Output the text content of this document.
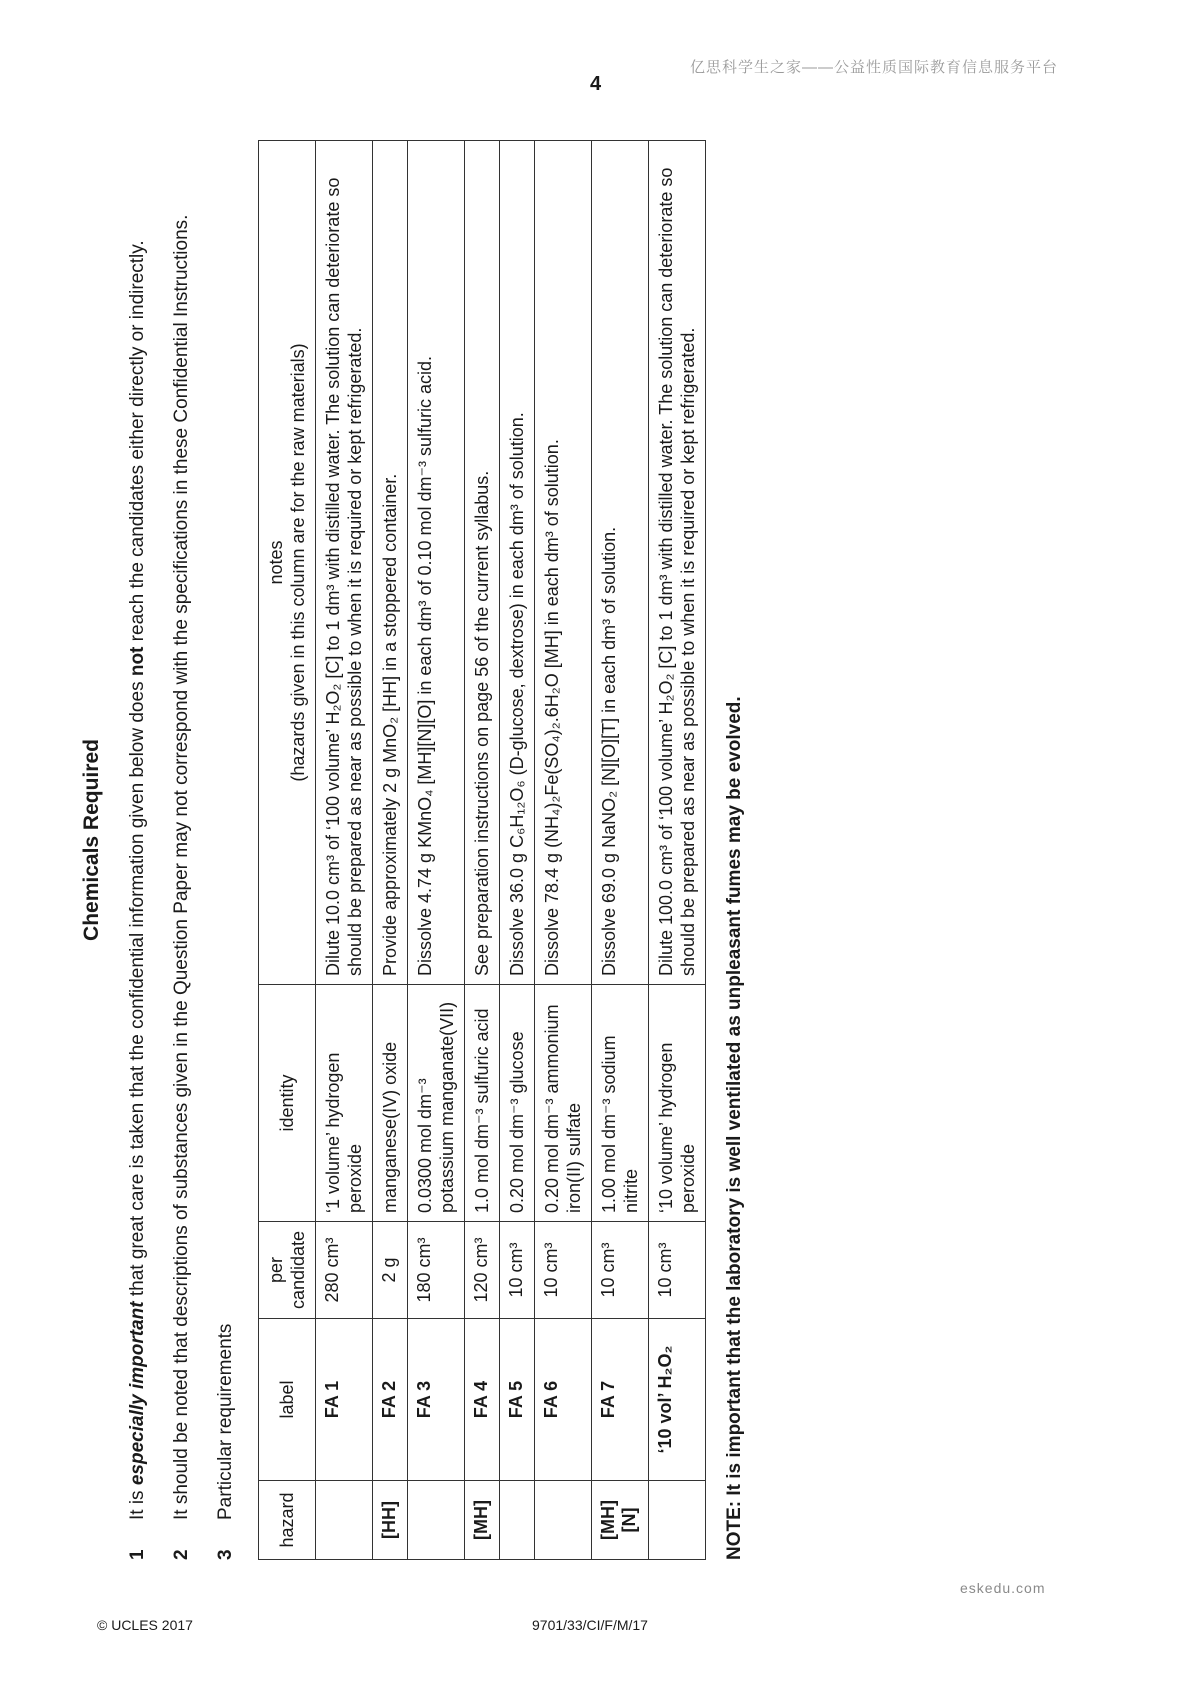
亿思科学生之家——公益性质国际教育信息服务平台
4
Chemicals Required
1
It is especially important that great care is taken that the confidential information given below does not reach the candidates either directly or indirectly.
2
It should be noted that descriptions of substances given in the Question Paper may not correspond with the specifications in these Confidential Instructions.
3
Particular requirements
hazard	label	per candidate	identity	notes (hazards given in this column are for the raw materials)

	FA 1	280 cm³	‘1 volume’ hydrogen peroxide	Dilute 10.0 cm³ of ‘100 volume’ H₂O₂ [C] to 1 dm³ with distilled water. The solution can deteriorate so should be prepared as near as possible to when it is required or kept refrigerated.
[HH]	FA 2	2 g	manganese(IV) oxide	Provide approximately 2 g MnO₂ [HH] in a stoppered container.
	FA 3	180 cm³	0.0300 mol dm⁻³ potassium manganate(VII)	Dissolve 4.74 g KMnO₄ [MH][N][O] in each dm³ of 0.10 mol dm⁻³ sulfuric acid.
[MH]	FA 4	120 cm³	1.0 mol dm⁻³ sulfuric acid	See preparation instructions on page 56 of the current syllabus.
	FA 5	10 cm³	0.20 mol dm⁻³ glucose	Dissolve 36.0 g C₆H₁₂O₆ (D-glucose, dextrose) in each dm³ of solution.
	FA 6	10 cm³	0.20 mol dm⁻³ ammonium iron(II) sulfate	Dissolve 78.4 g (NH₄)₂Fe(SO₄)₂.6H₂O [MH] in each dm³ of solution.
[MH][N]	FA 7	10 cm³	1.00 mol dm⁻³ sodium nitrite	Dissolve 69.0 g NaNO₂ [N][O][T] in each dm³ of solution.
	‘10 vol’ H₂O₂	10 cm³	‘10 volume’ hydrogen peroxide	Dilute 100.0 cm³ of ‘100 volume’ H₂O₂ [C] to 1 dm³ with distilled water. The solution can deteriorate so should be prepared as near as possible to when it is required or kept refrigerated.
NOTE: It is important that the laboratory is well ventilated as unpleasant fumes may be evolved.
eskedu.com
© UCLES 2017	9701/33/CI/F/M/17
